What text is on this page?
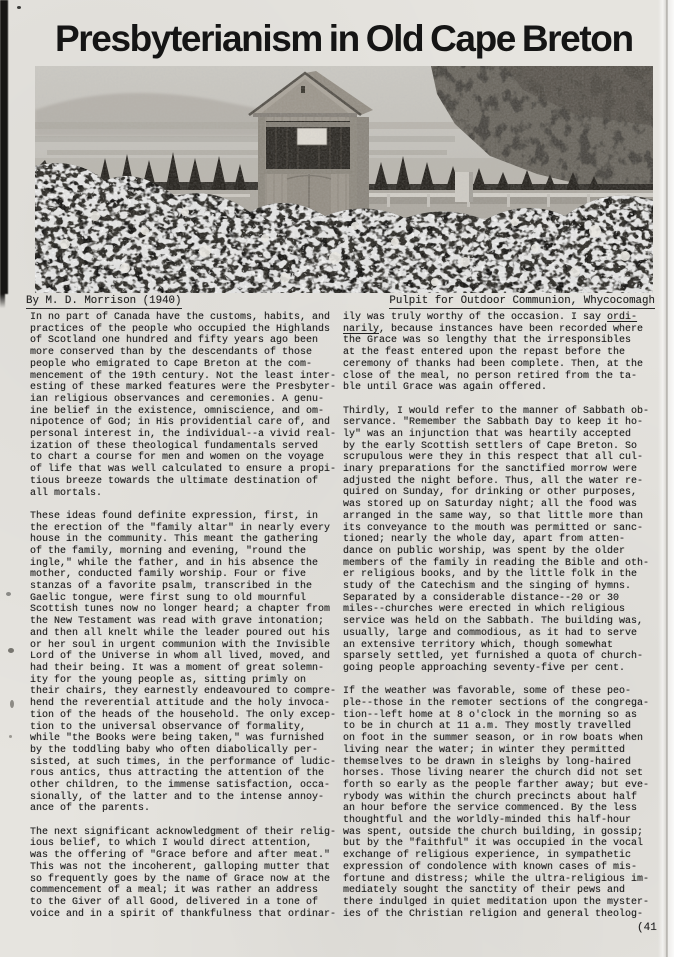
Presbyterianism in Old Cape Breton
By M. D. Morrison (1940)	Pulpit for Outdoor Communion, Whycocomagh

In no part of Canada have the customs, habits, and
practices of the people who occupied the Highlands
of Scotland one hundred and fifty years ago been
more conserved than by the descendants of those
people who emigrated to Cape Breton at the com-
mencement of the 19th century. Not the least inter-
esting of these marked features were the Presbyter-
ian religious observances and ceremonies. A genu-
ine belief in the existence, omniscience, and om-
nipotence of God; in His providential care of, and
personal interest in, the individual--a vivid real-
ization of these theological fundamentals served
to chart a course for men and women on the voyage
of life that was well calculated to ensure a propi-
tious breeze towards the ultimate destination of
all mortals.

These ideas found definite expression, first, in
the erection of the "family altar" in nearly every
house in the community. This meant the gathering
of the family, morning and evening, "round the
ingle," while the father, and in his absence the
mother, conducted family worship. Four or five
stanzas of a favorite psalm, transcribed in the
Gaelic tongue, were first sung to old mournful
Scottish tunes now no longer heard; a chapter from
the New Testament was read with grave intonation;
and then all knelt while the leader poured out his
or her soul in urgent communion with the Invisible
Lord of the Universe in whom all lived, moved, and
had their being. It was a moment of great solemn-
ity for the young people as, sitting primly on
their chairs, they earnestly endeavoured to compre-
hend the reverential attitude and the holy invoca-
tion of the heads of the household. The only excep-
tion to the universal observance of formality,
while "the Books were being taken," was furnished
by the toddling baby who often diabolically per-
sisted, at such times, in the performance of ludic-
rous antics, thus attracting the attention of the
other children, to the immense satisfaction, occa-
sionally, of the latter and to the intense annoy-
ance of the parents.

The next significant acknowledgment of their relig-
ious belief, to which I would direct attention,
was the offering of "Grace before and after meat."
This was not the incoherent, galloping mutter that
so frequently goes by the name of Grace now at the
commencement of a meal; it was rather an address
to the Giver of all Good, delivered in a tone of
voice and in a spirit of thankfulness that ordinar-

ily was truly worthy of the occasion. I say ordi-
narily, because instances have been recorded where
the Grace was so lengthy that the irresponsibles
at the feast entered upon the repast before the
ceremony of thanks had been complete. Then, at the
close of the meal, no person retired from the ta-
ble until Grace was again offered.

Thirdly, I would refer to the manner of Sabbath ob-
servance. "Remember the Sabbath Day to keep it ho-
ly" was an injunction that was heartily accepted
by the early Scottish settlers of Cape Breton. So
scrupulous were they in this respect that all cul-
inary preparations for the sanctified morrow were
adjusted the night before. Thus, all the water re-
quired on Sunday, for drinking or other purposes,
was stored up on Saturday night; all the food was
arranged in the same way, so that little more than
its conveyance to the mouth was permitted or sanc-
tioned; nearly the whole day, apart from atten-
dance on public worship, was spent by the older
members of the family in reading the Bible and oth-
er religious books, and by the little folk in the
study of the Catechism and the singing of hymns.
Separated by a considerable distance--20 or 30
miles--churches were erected in which religious
service was held on the Sabbath. The building was,
usually, large and commodious, as it had to serve
an extensive territory which, though somewhat
sparsely settled, yet furnished a quota of church-
going people approaching seventy-five per cent.

If the weather was favorable, some of these peo-
ple--those in the remoter sections of the congrega-
tion--left home at 8 o'clock in the morning so as
to be in church at 11 a.m. They mostly travelled
on foot in the summer season, or in row boats when
living near the water; in winter they permitted
themselves to be drawn in sleighs by long-haired
horses. Those living nearer the church did not set
forth so early as the people farther away; but eve-
rybody was within the church precincts about half
an hour before the service commenced. By the less
thoughtful and the worldly-minded this half-hour
was spent, outside the church building, in gossip;
but by the "faithful" it was occupied in the vocal
exchange of religious experience, in sympathetic
expression of condolence with known cases of mis-
fortune and distress; while the ultra-religious im-
mediately sought the sanctity of their pews and
there indulged in quiet meditation upon the myster-
ies of the Christian religion and general theolog-

(41
